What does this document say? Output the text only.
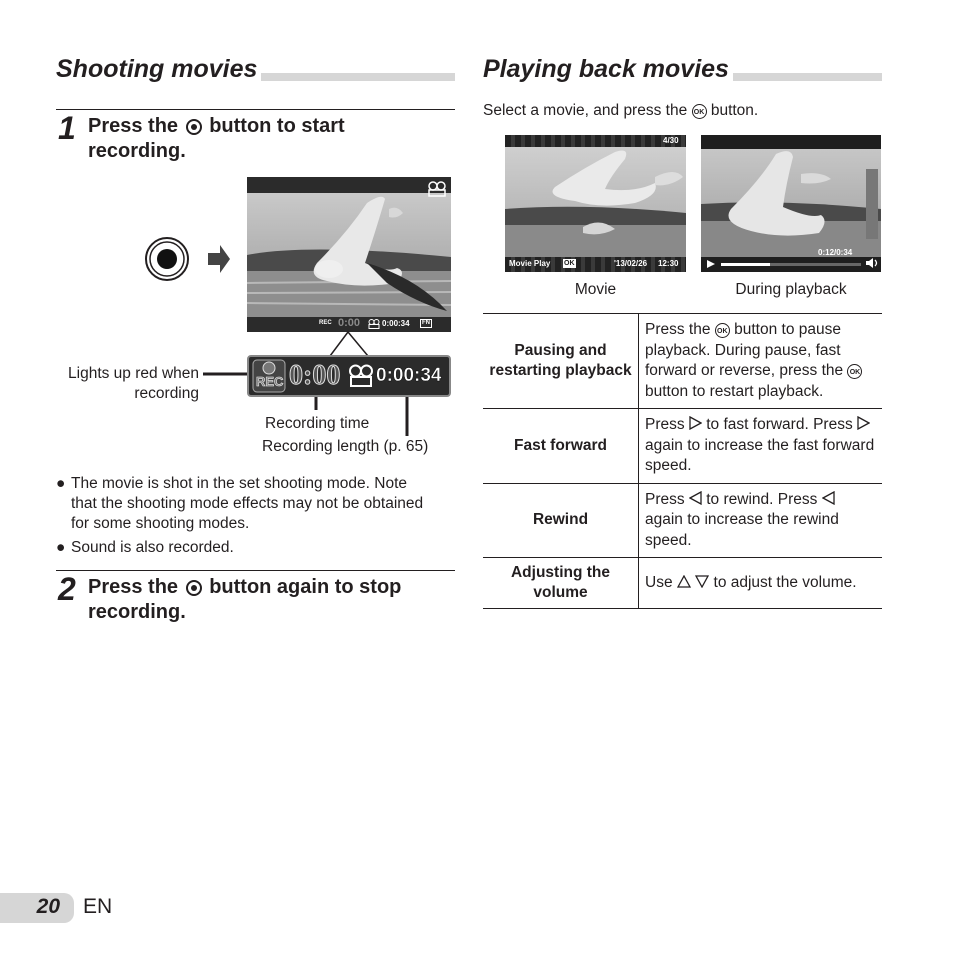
Shooting movies
1 Press the button to start
recording.
REC 0:00	0:00:34	FN
REC 0:00 0:00:34
Lights up red when
recording
Recording time
Recording length (p. 65)
● The movie is shot in the set shooting mode. Note
that the shooting mode effects may not be obtained
for some shooting modes.
● Sound is also recorded.
2 Press the button again to stop
recording.
Playing back movies
Select a movie, and press the OK button.
4/30
Movie Play OK	'13/02/26 12:30
Movie
0:12/0:34
During playback
Pausing and restarting playback	Press the OK button to pause playback. During pause, fast forward or reverse, press the OK button to restart playback.
Fast forward	Press to fast forward. Press  again to increase the fast forward speed.
Rewind	Press to rewind. Press  again to increase the rewind speed.
Adjusting the volume	Use to adjust the volume.
20 EN
